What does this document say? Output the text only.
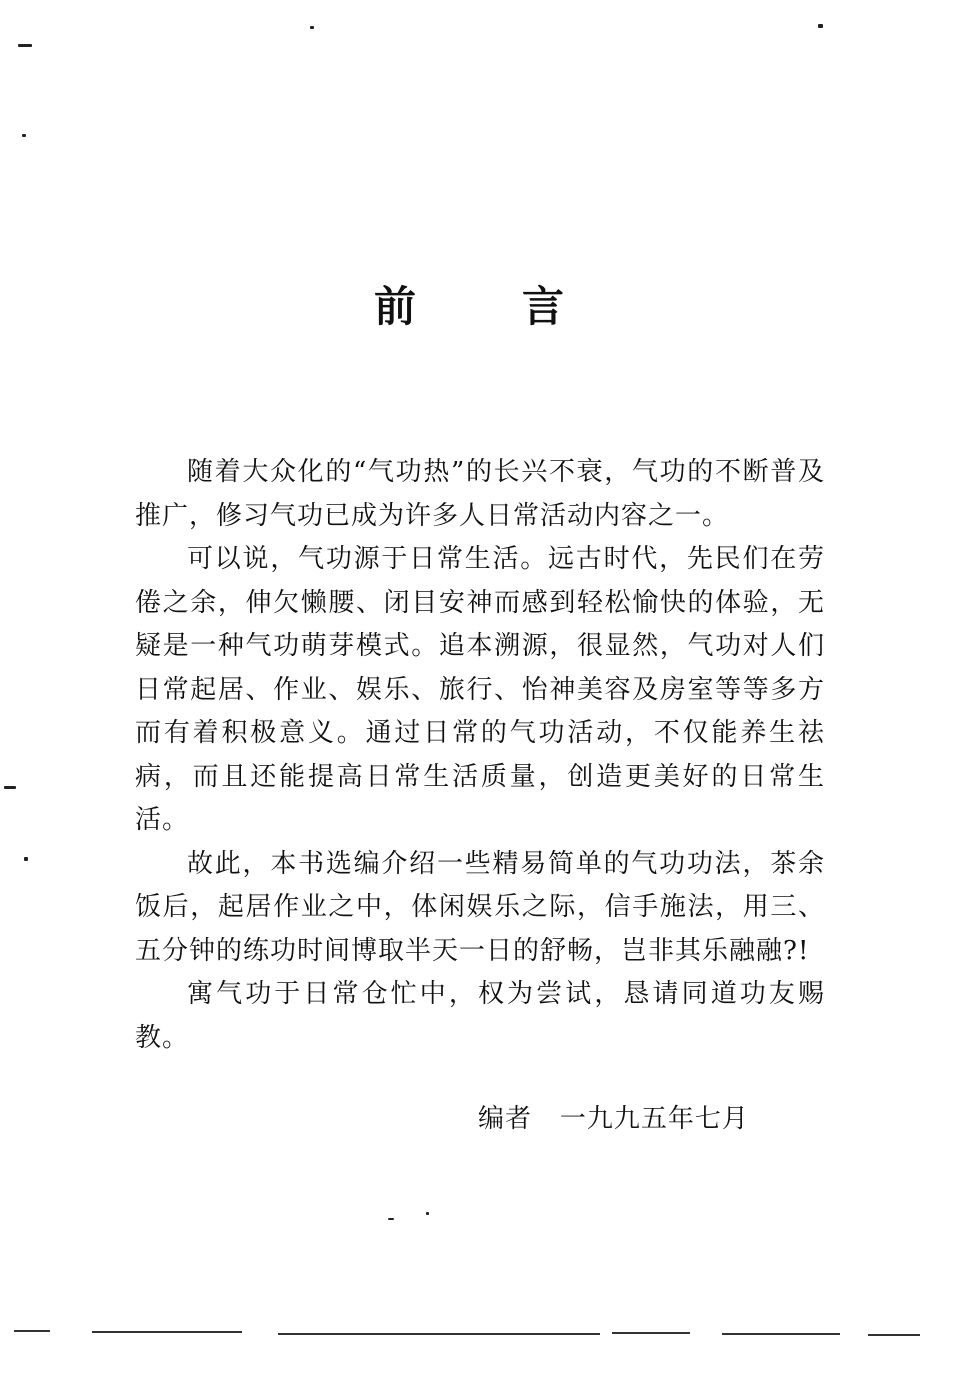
前	言

随着大众化的“气功热”的长兴不衰，气功的不断普及推广，修习气功已成为许多人日常活动内容之一。

可以说，气功源于日常生活。远古时代，先民们在劳倦之余，伸欠懒腰、闭目安神而感到轻松愉快的体验，无疑是一种气功萌芽模式。追本溯源，很显然，气功对人们日常起居、作业、娱乐、旅行、怡神美容及房室等等多方而有着积极意义。通过日常的气功活动，不仅能养生祛病，而且还能提高日常生活质量，创造更美好的日常生活。

故此，本书选编介绍一些精易简单的气功功法，茶余饭后，起居作业之中，体闲娱乐之际，信手施法，用三、五分钟的练功时间博取半天一日的舒畅，岂非其乐融融?!

寓气功于日常仓忙中，权为尝试，恳请同道功友赐教。

编者 一九九五年七月
